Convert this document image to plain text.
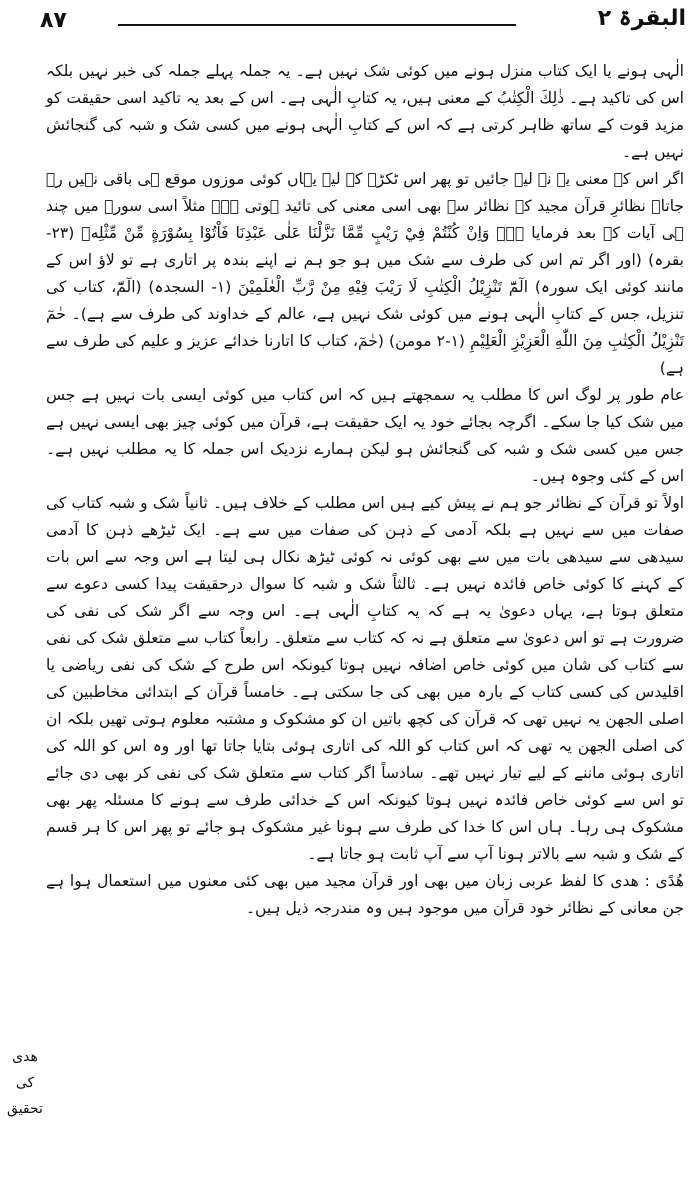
۸۷	البقرۃ ۲

الٰہی ہونے یا ایک کتاب منزل ہونے میں کوئی شک نہیں ہے۔ یہ جملہ پہلے جملہ کی خبر نہیں بلکہ اس کی تاکید ہے۔ ذٰلِكَ الْكِتٰبُ کے معنی ہیں، یہ کتابِ الٰہی ہے۔ اس کے بعد یہ تاکید اسی حقیقت کو مزید قوت کے ساتھ ظاہر کرتی ہے کہ اس کے کتابِ الٰہی ہونے میں کسی شک و شبہ کی گنجائش نہیں ہے۔

اگر اس کے معنی یہ نہ لیے جائیں تو پھر اس ٹکڑے کے لیے یہاں کوئی موزوں موقع ہی باقی نہیں رہ جاتا۔ نظائرِ قرآن مجید کے نظائر سے بھی اسی معنی کی تائید ہوتی ہے۔ مثلاً اسی سورہ میں چند ہی آیات کے بعد فرمایا ہے۔ وَاِنْ كُنْتُمْ فِيْ رَيْبٍ مِّمَّا نَزَّلْنَا عَلٰى عَبْدِنَا فَاْتُوْا بِسُوْرَةٍ مِّنْ مِّثْلِهٖ (۲۳- بقرہ) (اور اگر تم اس کی طرف سے شک میں ہو جو ہم نے اپنے بندہ پر اتاری ہے تو لاؤ اس کے مانند کوئی ایک سورہ) الٓمّٓ تَنْزِيْلُ الْكِتٰبِ لَا رَيْبَ فِيْهِ مِنْ رَّبِّ الْعٰلَمِيْنَ (۱- السجدہ) (الٓمّٓ، کتاب کی تنزیل، جس کے کتابِ الٰہی ہونے میں کوئی شک نہیں ہے، عالم کے خداوند کی طرف سے ہے)۔ حٰمٓ تَنْزِيْلُ الْكِتٰبِ مِنَ اللّٰهِ الْعَزِيْزِ الْعَلِيْمِ (۱-۲ مومن) (حٰمٓ، کتاب کا اتارنا خدائے عزیز و علیم کی طرف سے ہے)

عام طور پر لوگ اس کا مطلب یہ سمجھتے ہیں کہ اس کتاب میں کوئی ایسی بات نہیں ہے جس میں شک کیا جا سکے۔ اگرچہ بجائے خود یہ ایک حقیقت ہے، قرآن میں کوئی چیز بھی ایسی نہیں ہے جس میں کسی شک و شبہ کی گنجائش ہو لیکن ہمارے نزدیک اس جملہ کا یہ مطلب نہیں ہے۔ اس کے کئی وجوہ ہیں۔

اولاً تو قرآن کے نظائر جو ہم نے پیش کیے ہیں اس مطلب کے خلاف ہیں۔ ثانیاً شک و شبہ کتاب کی صفات میں سے نہیں ہے بلکہ آدمی کے ذہن کی صفات میں سے ہے۔ ایک ٹیڑھے ذہن کا آدمی سیدھی سے سیدھی بات میں سے بھی کوئی نہ کوئی ٹیڑھ نکال ہی لیتا ہے اس وجہ سے اس بات کے کہنے کا کوئی خاص فائدہ نہیں ہے۔ ثالثاً شک و شبہ کا سوال درحقیقت پیدا کسی دعوے سے متعلق ہوتا ہے، یہاں دعویٰ یہ ہے کہ یہ کتابِ الٰہی ہے۔ اس وجہ سے اگر شک کی نفی کی ضرورت ہے تو اس دعویٰ سے متعلق ہے نہ کہ کتاب سے متعلق۔ رابعاً کتاب سے متعلق شک کی نفی سے کتاب کی شان میں کوئی خاص اضافہ نہیں ہوتا کیونکہ اس طرح کے شک کی نفی ریاضی یا اقلیدس کی کسی کتاب کے بارہ میں بھی کی جا سکتی ہے۔ خامساً قرآن کے ابتدائی مخاطبین کی اصلی الجھن یہ نہیں تھی کہ قرآن کی کچھ باتیں ان کو مشکوک و مشتبہ معلوم ہوتی تھیں بلکہ ان کی اصلی الجھن یہ تھی کہ اس کتاب کو اللہ کی اتاری ہوئی بتایا جاتا تھا اور وہ اس کو اللہ کی اتاری ہوئی ماننے کے لیے تیار نہیں تھے۔ سادساً اگر کتاب سے متعلق شک کی نفی کر بھی دی جائے تو اس سے کوئی خاص فائدہ نہیں ہوتا کیونکہ اس کے خدائی طرف سے ہونے کا مسئلہ پھر بھی مشکوک ہی رہا۔ ہاں اس کا خدا کی طرف سے ہونا غیر مشکوک ہو جائے تو پھر اس کا ہر قسم کے شک و شبہ سے بالاتر ہونا آپ سے آپ ثابت ہو جاتا ہے۔

ھُدًی : ھدی کا لفظ عربی زبان میں بھی اور قرآن مجید میں بھی کئی معنوں میں استعمال ہوا ہے جن معانی کے نظائر خود قرآن میں موجود ہیں وہ مندرجہ ذیل ہیں۔

ھدی کی تحقیق
